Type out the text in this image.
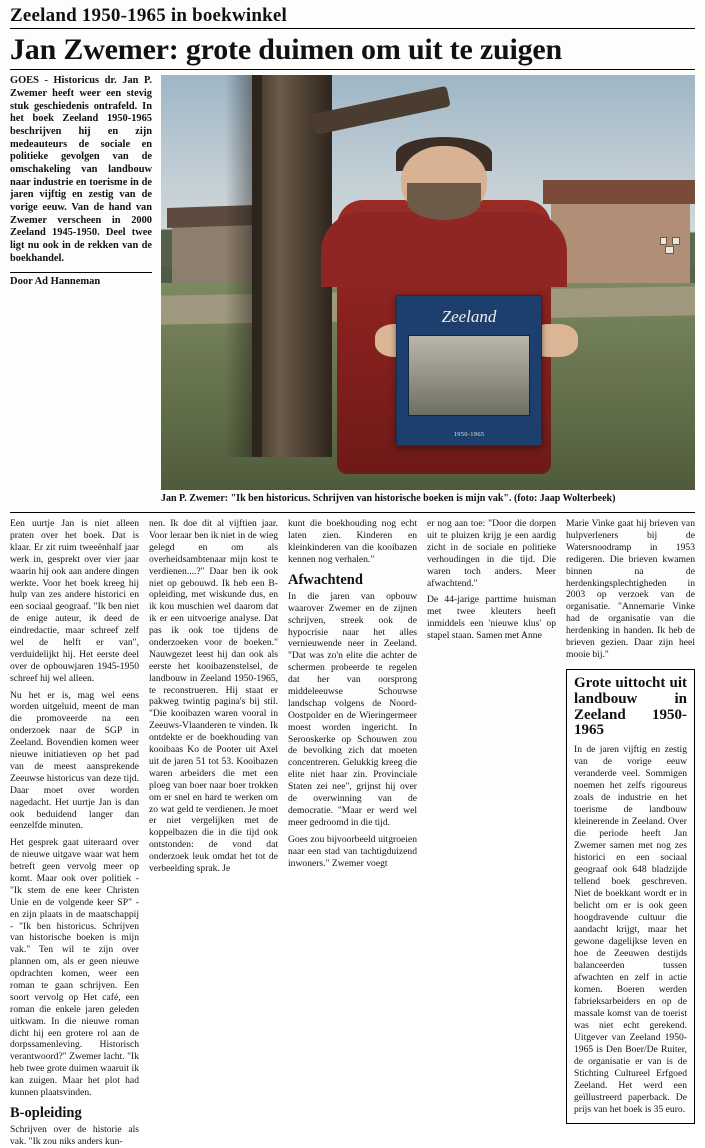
Zeeland 1950-1965 in boekwinkel
Jan Zwemer: grote duimen om uit te zuigen
GOES - Historicus dr. Jan P. Zwemer heeft weer een stevig stuk geschiedenis ontrafeld. In het boek Zeeland 1950-1965 beschrijven hij en zijn medeauteurs de sociale en politieke gevolgen van de omschakeling van landbouw naar industrie en toerisme in de jaren vijftig en zestig van de vorige eeuw. Van de hand van Zwemer verscheen in 2000 Zeeland 1945-1950. Deel twee ligt nu ook in de rekken van de boekhandel.
Door Ad Hanneman
Zeeland
1950-1965
Jan P. Zwemer: "Ik ben historicus. Schrijven van historische boeken is mijn vak". (foto: Jaap Wolterbeek)

Een uurtje Jan is niet alleen praten over het boek. Dat is klaar. Er zit ruim tweeënhalf jaar werk in, gesprekt over vier jaar waarin hij ook aan andere dingen werkte. Voor het boek kreeg hij hulp van zes andere historici en een sociaal geograaf. "Ik ben niet de enige auteur, ik deed de eindredactie, maar schreef zelf wel de helft er van", verduidelijkt hij. Het eerste deel over de opbouwjaren 1945-1950 schreef hij wel alleen.

Nu het er is, mag wel eens worden uitgeluid, meent de man die promoveerde na een onderzoek naar de SGP in Zeeland. Bovendien komen weer nieuwe initiatieven op het pad van de meest aansprekende Zeeuwse historicus van deze tijd. Daar moet over worden nagedacht. Het uurtje Jan is dan ook beduidend langer dan eenzelfde minuten.

Het gesprek gaat uiteraard over de nieuwe uitgave waar wat hem betreft geen vervolg meer op komt. Maar ook over politiek - "Ik stem de ene keer Christen Unie en de volgende keer SP" - en zijn plaats in de maatschappij - "Ik ben historicus. Schrijven van historische boeken is mijn vak." Ten wil te zijn over plannen om, als er geen nieuwe opdrachten komen, weer een roman te gaan schrijven. Een soort vervolg op Het café, een roman die enkele jaren geleden uitkwam. In die nieuwe roman dicht hij een grotere rol aan de dorpssamenleving. Historisch verantwoord?" Zwemer lacht. "Ik heb twee grote duimen waaruit ik kan zuigen. Maar het plot had kunnen plaatsvinden.

B-opleiding

Schrijven over de historie als vak. "Ik zou niks anders kun-

nen. Ik doe dit al vijftien jaar. Voor leraar ben ik niet in de wieg gelegd en om als overheidsambtenaar mijn kost te verdienen....?" Daar ben ik ook niet op gebouwd. Ik heb een B-opleiding, met wiskunde dus, en ik kou muschien wel daarom dat ik er een uitvoerige analyse. Dat pas ik ook toe tijdens de onderzoeken voor de boeken." Nauwgezet leest hij dan ook als eerste het kooibazenstelsel, de landbouw in Zeeland 1950-1965, te reconstrueren. Hij staat er pakweg twintig pagina's bij stil. "Die kooibazen waren vooral in Zeeuws-Vlaanderen te vinden. Ik ontdekte er de boekhouding van kooibaas Ko de Pooter uit Axel uit de jaren 51 tot 53. Kooibazen waren arbeiders die met een ploeg van boer naar boer trokken om er snel en hard te werken om zo wat geld te verdienen. Je moet er niet vergelijken met de koppelbazen die in die tijd ook ontstonden: de vond dat onderzoek leuk omdat het tot de verbeelding sprak. Je

kunt die boekhouding nog echt laten zien. Kinderen en kleinkinderen van die kooibazen kennen nog verhalen."

Afwachtend

In die jaren van opbouw waarover Zwemer en de zijnen schrijven, streek ook de hypocrisie naar het alles vernieuwende neer in Zeeland. "Dat was zo'n elite die achter de schermen probeerde te regelen dat her van oorsprong middeleeuwse Schouwse landschap volgens de Noord-Oostpolder en de Wieringermeer moest worden ingericht. In Serooskerke op Schouwen zou de bevolking zich dat moeten concentreren. Gelukkig kreeg die elite niet haar zin. Provinciale Staten zei nee", grijnst hij over de overwinning van de democratie. "Maar er werd wel meer gedroomd in die tijd.

Goes zou bijvoorbeeld uitgroeien naar een stad van tachtigduizend inwoners." Zwemer voegt

er nog aan toe: "Door die dorpen uit te pluizen krijg je een aardig zicht in de sociale en politieke verhoudingen in die tijd. Die waren toch anders. Meer afwachtend."

De 44-jarige parttime huisman met twee kleuters heeft inmiddels een 'nieuwe klus' op stapel staan. Samen met Anne

Marie Vinke gaat hij brieven van hulpverleners bij de Watersnoodramp in 1953 redigeren. Die brieven kwamen binnen na de herdenkingsplechtigheden in 2003 op verzoek van de organisatie. "Annemarie Vinke had de organisatie van die herdenking in handen. Ik heb de brieven gezien. Daar zijn heel mooie bij."

Grote uittocht uit landbouw in Zeeland 1950-1965

In de jaren vijftig en zestig van de vorige eeuw veranderde veel. Sommigen noemen het zelfs rigoureus zoals de industrie en het toerisme de landbouw kleinerende in Zeeland. Over die periode heeft Jan Zwemer samen met nog zes historici en een sociaal geograaf ook 648 bladzijde tellend boek geschreven. Niet de boekkant wordt er in belicht om er is ook geen hoogdravende cultuur die aandacht krijgt, maar het gewone dagelijkse leven en hoe de Zeeuwen destijds balanceerden tussen afwachten en zelf in actie komen. Boeren werden fabrieksarbeiders en op de massale komst van de toerist was niet echt gerekend. Uitgever van Zeeland 1950-1965 is Den Boer/De Ruiter, de organisatie er van is de Stichting Cultureel Erfgoed Zeeland. Het werd een geïllustreerd paperback. De prijs van het boek is 35 euro.
